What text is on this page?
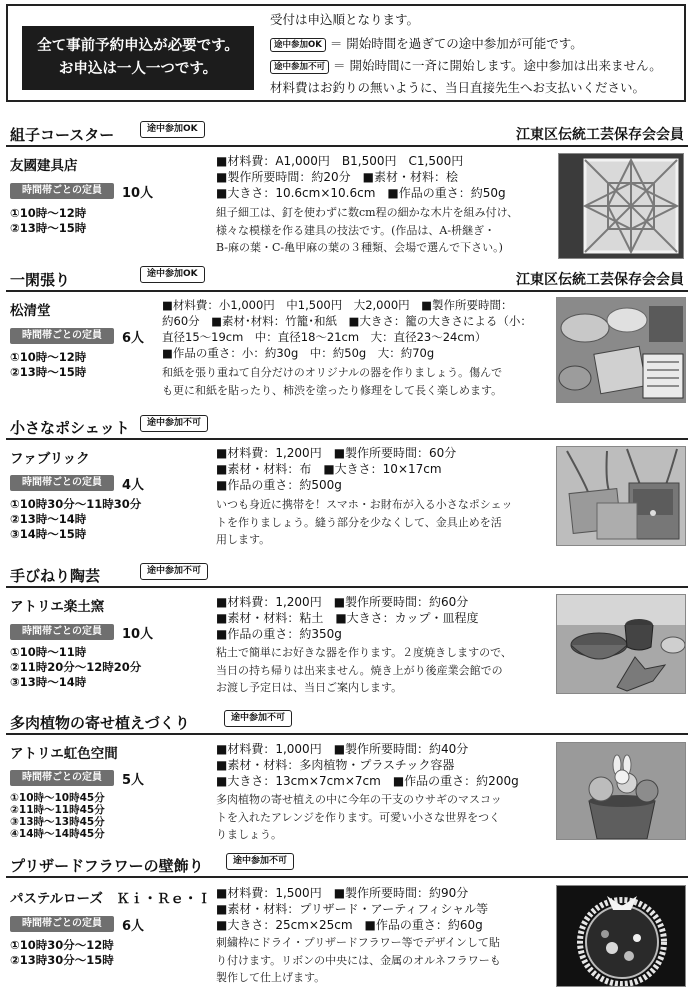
全て事前予約申込が必要です。
お申込は一人一つです。
受付は申込順となります。
途中参加OK ＝ 開始時間を過ぎての途中参加が可能です。
途中参加不可 ＝ 開始時間に一斉に開始します。途中参加は出来ません。
材料費はお釣りの無いように、当日直接先生へお支払いください。
組子コースター	途中参加OK	江東区伝統工芸保存会会員
友國建具店
時間帯ごとの定員	10人
①10時～12時
②13時～15時
■材料費：A1,000円　B1,500円　C1,500円
■製作所要時間：約20分　■素材・材料：桧
■大きさ：10.6cm×10.6cm　■作品の重さ：約50g
組子細工は、釘を使わずに数cm程の細かな木片を組み付け、
様々な模様を作る建具の技法です。(作品は、A-枡継ぎ・
B-麻の葉・C-亀甲麻の葉の３種類、会場で選んで下さい。)
一閑張り	途中参加OK	江東区伝統工芸保存会会員
松清堂
時間帯ごとの定員	6人
①10時～12時
②13時～15時
■材料費：小1,000円　中1,500円　大2,000円　■製作所要時間：
約60分　■素材･材料：竹籠･和紙　■大きさ：籠の大きさによる（小：
直径15～19cm　中：直径18～21cm　大：直径23～24cm）
■作品の重さ：小：約30g　中：約50g　大：約70g
和紙を張り重ねて自分だけのオリジナルの器を作りましょう。傷んで
も更に和紙を貼ったり、柿渋を塗ったり修理をして長く楽しめます。
小さなポシェット	途中参加不可
ファブリック
時間帯ごとの定員	4人
①10時30分～11時30分
②13時～14時
③14時～15時
■材料費：1,200円　■製作所要時間：60分
■素材・材料：布　■大きさ：10×17cm
■作品の重さ：約500g
いつも身近に携帯を！スマホ・お財布が入る小さなポシェッ
トを作りましょう。縫う部分を少なくして、金具止めを活
用します。
手びねり陶芸	途中参加不可
アトリエ楽土窯
時間帯ごとの定員	10人
①10時～11時
②11時20分～12時20分
③13時～14時
■材料費：1,200円　■製作所要時間：約60分
■素材・材料：粘土　■大きさ：カップ・皿程度
■作品の重さ：約350g
粘土で簡単にお好きな器を作ります。２度焼きしますので、
当日の持ち帰りは出来ません。焼き上がり後産業会館での
お渡し予定日は、当日ご案内します。
多肉植物の寄せ植えづくり	途中参加不可
アトリエ虹色空間
時間帯ごとの定員	5人
①10時～10時45分
②11時～11時45分
③13時～13時45分
④14時～14時45分
■材料費：1,000円　■製作所要時間：約40分
■素材・材料：多肉植物・プラスチック容器
■大きさ：13cm×7cm×7cm　■作品の重さ：約200g
多肉植物の寄せ植えの中に今年の干支のウサギのマスコッ
トを入れたアレンジを作ります。可愛い小さな世界をつく
りましょう。
プリザードフラワーの壁飾り	途中参加不可
パステルローズ　Ｋｉ・Ｒｅ・Ｉ
時間帯ごとの定員	6人
①10時30分～12時
②13時30分～15時
■材料費：1,500円　■製作所要時間：約90分
■素材・材料：プリザード・アーティフィシャル等
■大きさ：25cm×25cm　■作品の重さ：約60g
刺繍枠にドライ・プリザードフラワー等でデザインして貼
り付けます。リボンの中央には、金属のオルネフラワーも
製作して仕上げます。
